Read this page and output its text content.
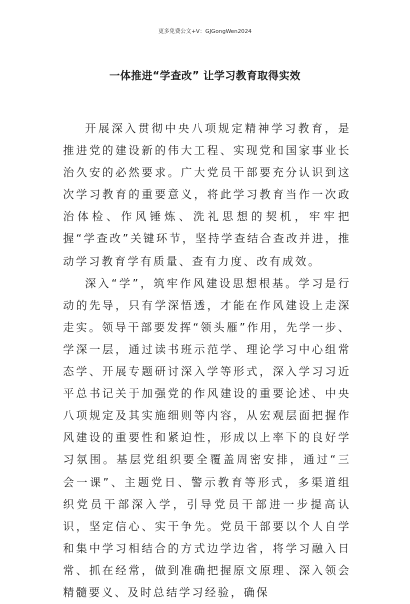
更多免费公文+V：GJGongWen2024
一体推进“学查改” 让学习教育取得实效

开展深入贯彻中央八项规定精神学习教育，是推进党的建设新的伟大工程、实现党和国家事业长治久安的必然要求。广大党员干部要充分认识到这次学习教育的重要意义，将此学习教育当作一次政治体检、作风锤炼、洗礼思想的契机，牢牢把握“学查改”关键环节，坚持学查结合查改并进，推动学习教育学有质量、查有力度、改有成效。

深入“学”，筑牢作风建设思想根基。学习是行动的先导，只有学深悟透，才能在作风建设上走深走实。领导干部要发挥“领头雁”作用，先学一步、学深一层，通过读书班示范学、理论学习中心组常态学、开展专题研讨深入学等形式，深入学习习近平总书记关于加强党的作风建设的重要论述、中央八项规定及其实施细则等内容，从宏观层面把握作风建设的重要性和紧迫性，形成以上率下的良好学习氛围。基层党组织要全覆盖周密安排，通过“三会一课”、主题党日、警示教育等形式，多渠道组织党员干部深入学，引导党员干部进一步提高认识，坚定信心、实干争先。党员干部要以个人自学和集中学习相结合的方式边学边省，将学习融入日常、抓在经常，做到准确把握原文原理、深入领会精髓要义、及时总结学习经验，确保
